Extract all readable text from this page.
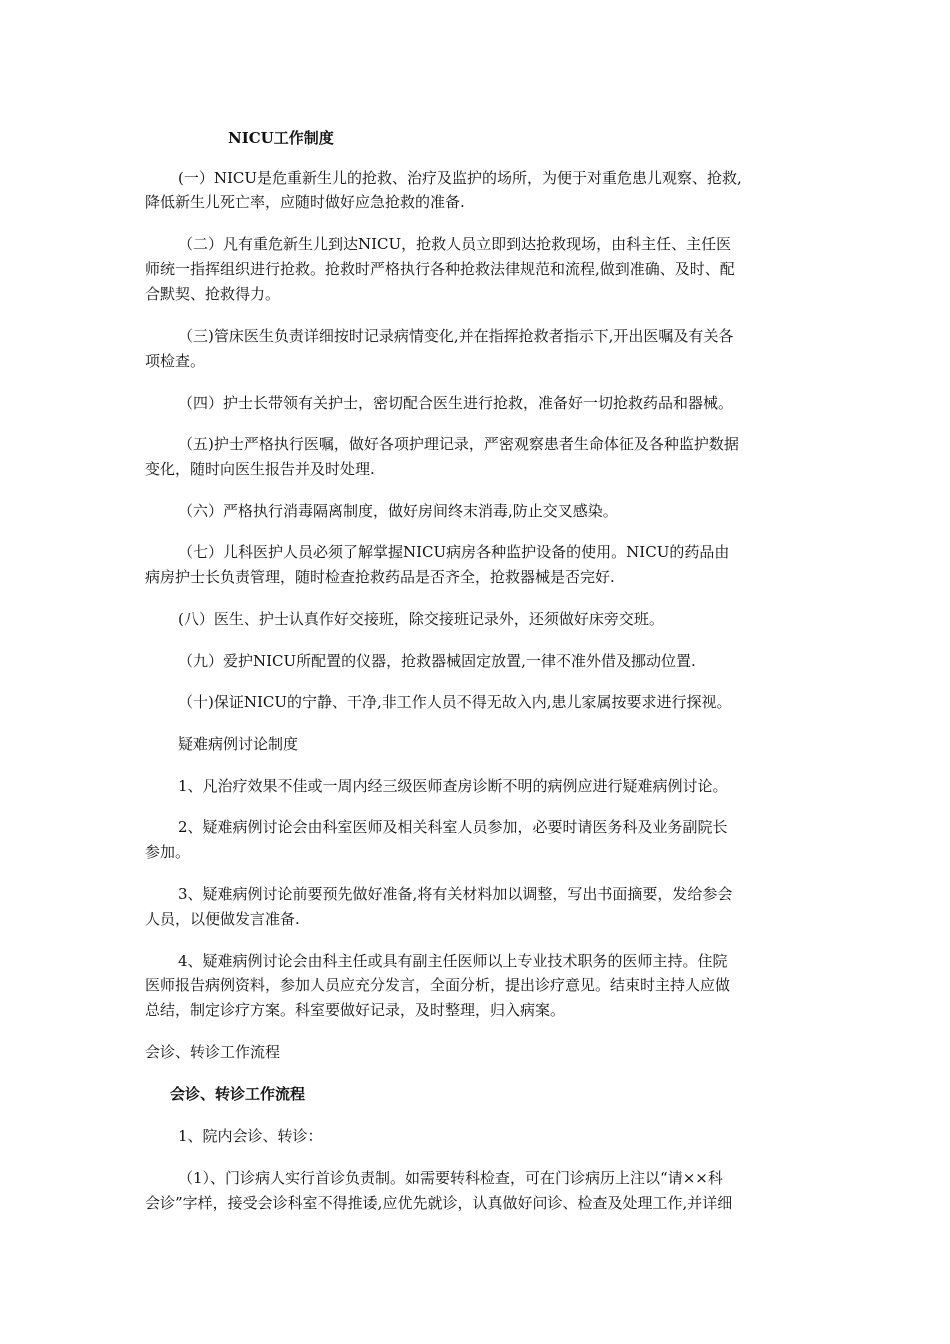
NICU工作制度
(一）NICU是危重新生儿的抢救、治疗及监护的场所，为便于对重危患儿观察、抢救,
降低新生儿死亡率，应随时做好应急抢救的准备.
（二）凡有重危新生儿到达NICU，抢救人员立即到达抢救现场，由科主任、主任医
师统一指挥组织进行抢救。抢救时严格执行各种抢救法律规范和流程,做到准确、及时、配
合默契、抢救得力。
（三)管床医生负责详细按时记录病情变化,并在指挥抢救者指示下,开出医嘱及有关各
项检查。
（四）护士长带领有关护士，密切配合医生进行抢救，准备好一切抢救药品和器械。
（五)护士严格执行医嘱，做好各项护理记录，严密观察患者生命体征及各种监护数据
变化，随时向医生报告并及时处理.
（六）严格执行消毒隔离制度，做好房间终末消毒,防止交叉感染。
（七）儿科医护人员必须了解掌握NICU病房各种监护设备的使用。NICU的药品由
病房护士长负责管理，随时检查抢救药品是否齐全，抢救器械是否完好.
(八）医生、护士认真作好交接班，除交接班记录外，还须做好床旁交班。
（九）爱护NICU所配置的仪器，抢救器械固定放置,一律不准外借及挪动位置.
（十)保证NICU的宁静、干净,非工作人员不得无故入内,患儿家属按要求进行探视。
疑难病例讨论制度
1、凡治疗效果不佳或一周内经三级医师查房诊断不明的病例应进行疑难病例讨论。
2、疑难病例讨论会由科室医师及相关科室人员参加，必要时请医务科及业务副院长
参加。
3、疑难病例讨论前要预先做好准备,将有关材料加以调整，写出书面摘要，发给参会
人员，以便做发言准备.
4、疑难病例讨论会由科主任或具有副主任医师以上专业技术职务的医师主持。住院
医师报告病例资料，参加人员应充分发言，全面分析，提出诊疗意见。结束时主持人应做
总结，制定诊疗方案。科室要做好记录，及时整理，归入病案。
会诊、转诊工作流程
会诊、转诊工作流程
1、院内会诊、转诊：
（1）、门诊病人实行首诊负责制。如需要转科检查，可在门诊病历上注以“请××科
会诊”字样，接受会诊科室不得推诿,应优先就诊，认真做好问诊、检查及处理工作,并详细
